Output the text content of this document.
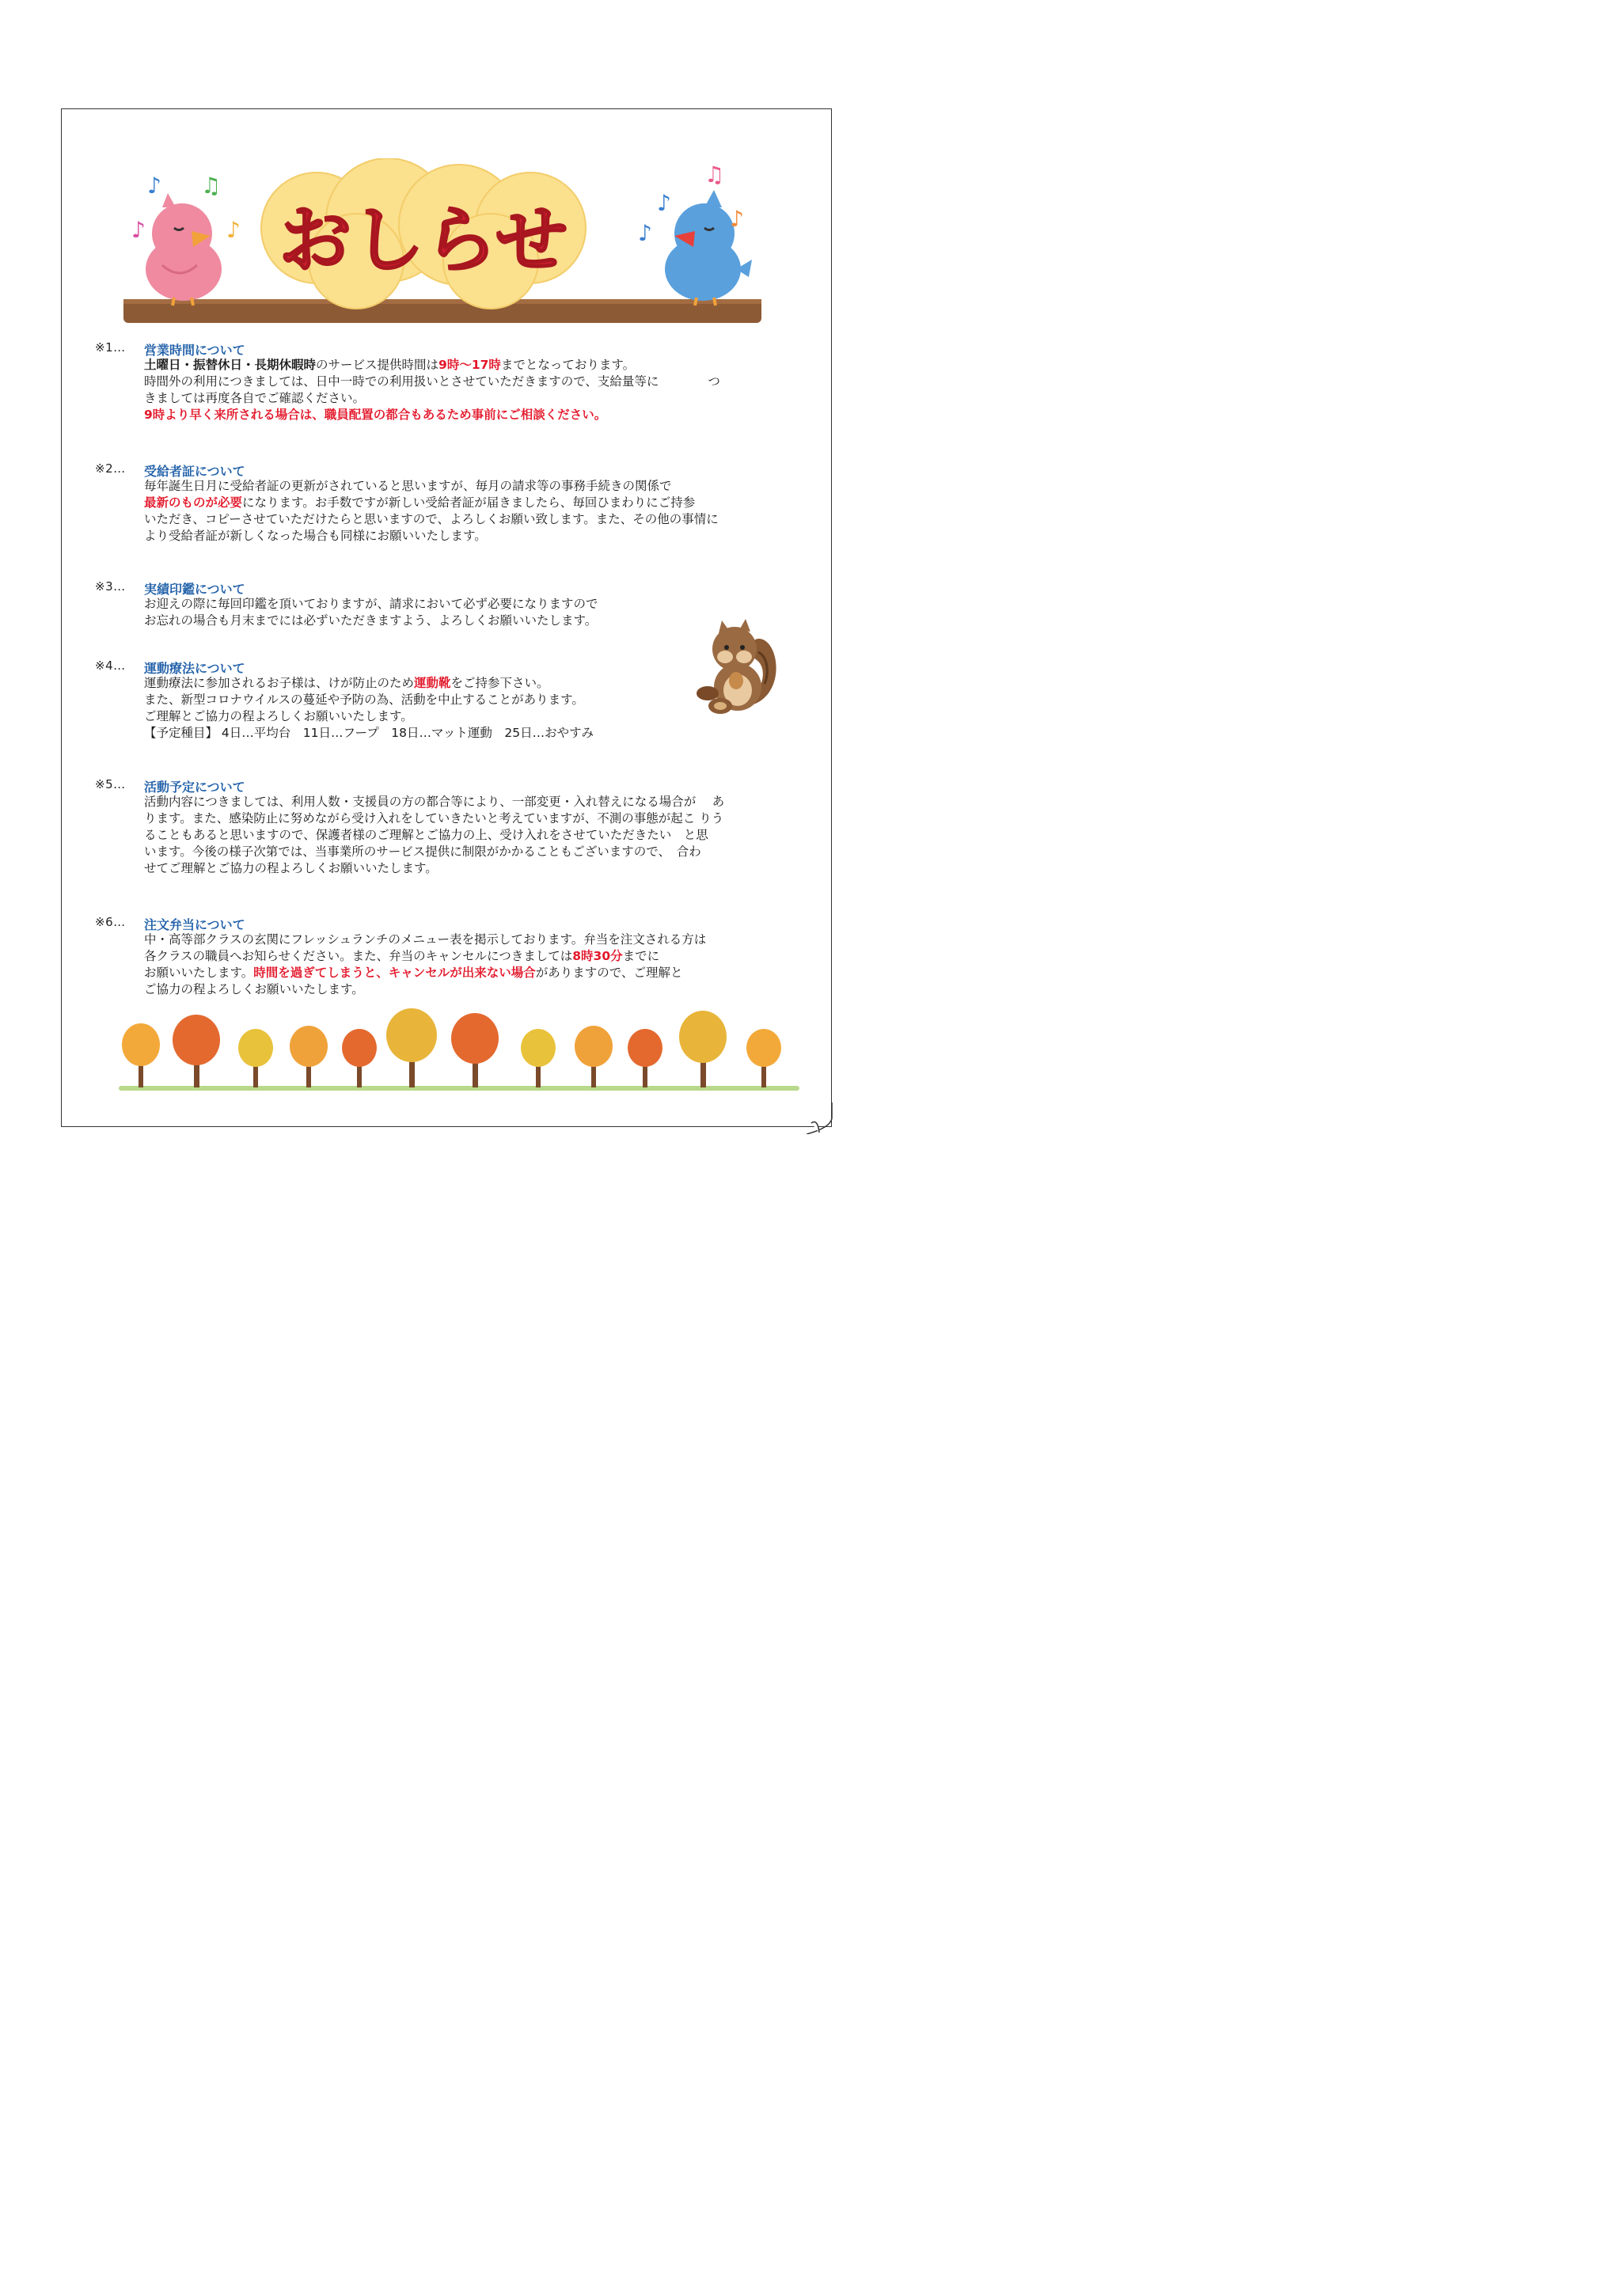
おしらせ
♪ ♫
♪	♪
♪
♫
♪
♪
※1… 営業時間について

土曜日・振替休日・長期休暇時のサービス提供時間は9時～17時までとなっております。

時間外の利用につきましては、日中一時での利用扱いとさせていただきますので、支給量等に　　　　つ

きましては再度各自でご確認ください。

9時より早く来所される場合は、職員配置の都合もあるため事前にご相談ください。

※2… 受給者証について

毎年誕生日月に受給者証の更新がされていると思いますが、毎月の請求等の事務手続きの関係で

最新のものが必要になります。お手数ですが新しい受給者証が届きましたら、毎回ひまわりにご持参

いただき、コピーさせていただけたらと思いますので、よろしくお願い致します。また、その他の事情に

より受給者証が新しくなった場合も同様にお願いいたします。

※3… 実績印鑑について

お迎えの際に毎回印鑑を頂いておりますが、請求において必ず必要になりますので

お忘れの場合も月末までには必ずいただきますよう、よろしくお願いいたします。

※4… 運動療法について

運動療法に参加されるお子様は、けが防止のため運動靴をご持参下さい。

また、新型コロナウイルスの蔓延や予防の為、活動を中止することがあります。

ご理解とご協力の程よろしくお願いいたします。

【予定種目】 4日…平均台　11日…フープ　18日…マット運動　25日…おやすみ

※5… 活動予定について

活動内容につきましては、利用人数・支援員の方の都合等により、一部変更・入れ替えになる場合が　 あ

ります。また、感染防止に努めながら受け入れをしていきたいと考えていますが、不測の事態が起こ りう

ることもあると思いますので、保護者様のご理解とご協力の上、受け入れをさせていただきたい　と思

います。今後の様子次第では、当事業所のサービス提供に制限がかかることもございますので、　合わ

せてご理解とご協力の程よろしくお願いいたします。

※6… 注文弁当について

中・高等部クラスの玄関にフレッシュランチのメニュー表を掲示しております。弁当を注文される方は

各クラスの職員へお知らせください。また、弁当のキャンセルにつきましては8時30分までに

お願いいたします。時間を過ぎてしまうと、キャンセルが出来ない場合がありますので、ご理解と

ご協力の程よろしくお願いいたします。
